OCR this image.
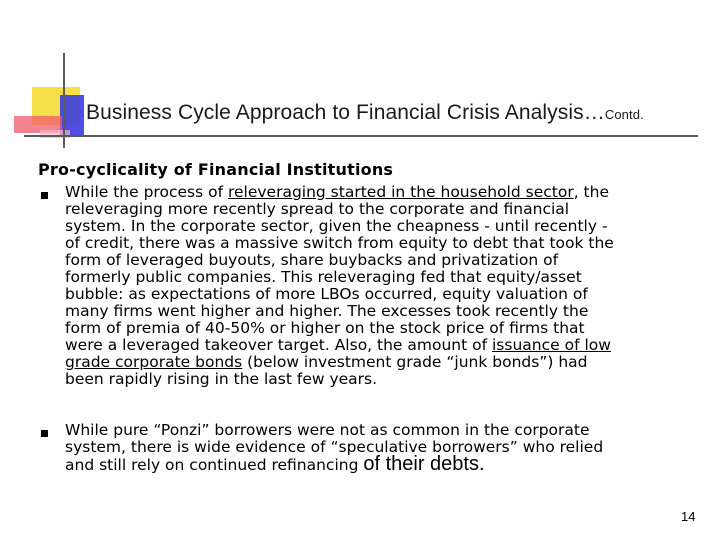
Business Cycle Approach to Financial Crisis Analysis…Contd.
Pro-cyclicality of Financial Institutions
While the process of releveraging started in the household sector, the
releveraging more recently spread to the corporate and financial
system. In the corporate sector, given the cheapness - until recently -
of credit, there was a massive switch from equity to debt that took the
form of leveraged buyouts, share buybacks and privatization of
formerly public companies. This releveraging fed that equity/asset
bubble: as expectations of more LBOs occurred, equity valuation of
many firms went higher and higher. The excesses took recently the
form of premia of 40-50% or higher on the stock price of firms that
were a leveraged takeover target. Also, the amount of issuance of low
grade corporate bonds (below investment grade “junk bonds”) had
been rapidly rising in the last few years.
While pure “Ponzi” borrowers were not as common in the corporate
system, there is wide evidence of “speculative borrowers” who relied
and still rely on continued refinancing of their debts.
14
